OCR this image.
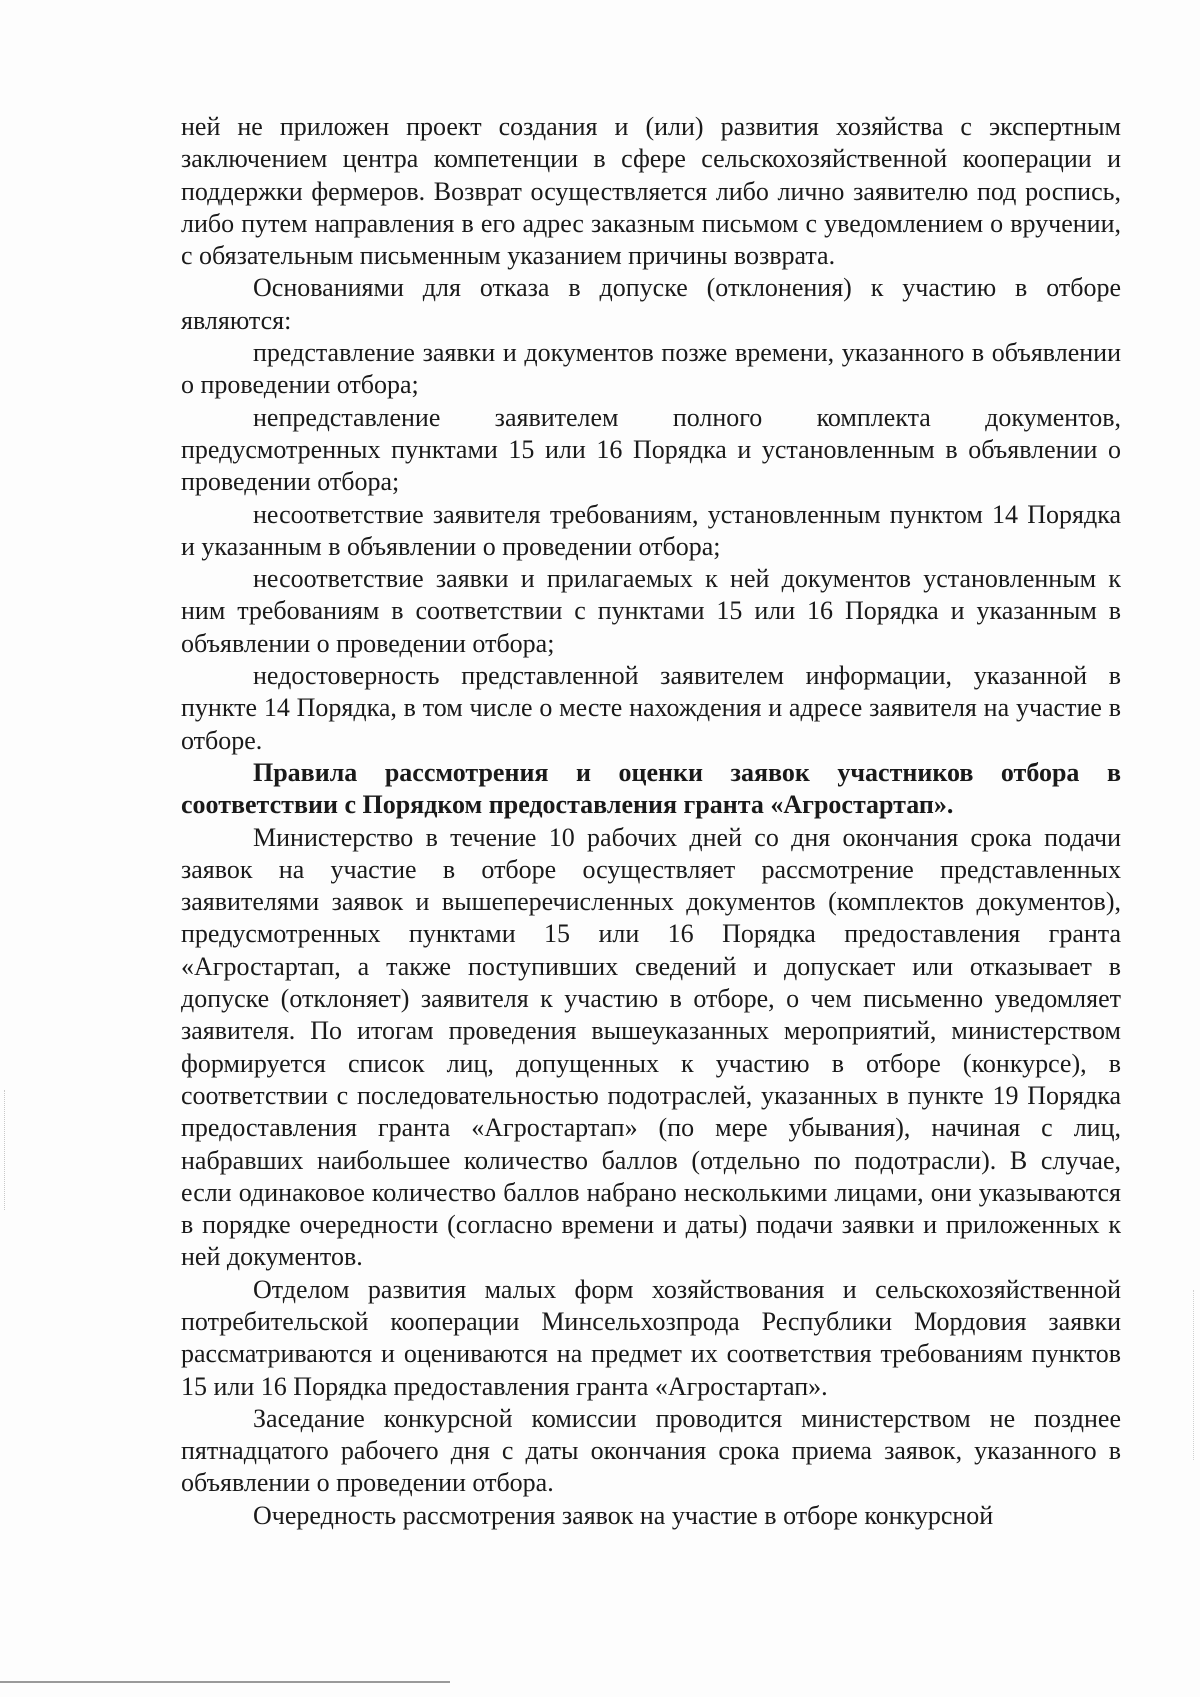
ней не приложен проект создания и (или) развития хозяйства с экспертным заключением центра компетенции в сфере сельскохозяйственной кооперации и поддержки фермеров. Возврат осуществляется либо лично заявителю под роспись, либо путем направления в его адрес заказным письмом с уведомлением о вручении, с обязательным письменным указанием причины возврата.

Основаниями для отказа в допуске (отклонения) к участию в отборе являются:

представление заявки и документов позже времени, указанного в объявлении о проведении отбора;

непредставление заявителем полного комплекта документов, предусмотренных пунктами 15 или 16 Порядка и установленным в объявлении о проведении отбора;

несоответствие заявителя требованиям, установленным пунктом 14 Порядка и указанным в объявлении о проведении отбора;

несоответствие заявки и прилагаемых к ней документов установленным к ним требованиям в соответствии с пунктами 15 или 16 Порядка и указанным в объявлении о проведении отбора;

недостоверность представленной заявителем информации, указанной в пункте 14 Порядка, в том числе о месте нахождения и адресе заявителя на участие в отборе.

Правила рассмотрения и оценки заявок участников отбора в соответствии с Порядком предоставления гранта «Агростартап».

Министерство в течение 10 рабочих дней со дня окончания срока подачи заявок на участие в отборе осуществляет рассмотрение представленных заявителями заявок и вышеперечисленных документов (комплектов документов), предусмотренных пунктами 15 или 16 Порядка предоставления гранта «Агростартап, а также поступивших сведений и допускает или отказывает в допуске (отклоняет) заявителя к участию в отборе, о чем письменно уведомляет заявителя. По итогам проведения вышеуказанных мероприятий, министерством формируется список лиц, допущенных к участию в отборе (конкурсе), в соответствии с последовательностью подотраслей, указанных в пункте 19 Порядка предоставления гранта «Агростартап» (по мере убывания), начиная с лиц, набравших наибольшее количество баллов (отдельно по подотрасли). В случае, если одинаковое количество баллов набрано несколькими лицами, они указываются в порядке очередности (согласно времени и даты) подачи заявки и приложенных к ней документов.

Отделом развития малых форм хозяйствования и сельскохозяйственной потребительской кооперации Минсельхозпрода Республики Мордовия заявки рассматриваются и оцениваются на предмет их соответствия требованиям пунктов 15 или 16 Порядка предоставления гранта «Агростартап».

Заседание конкурсной комиссии проводится министерством не позднее пятнадцатого рабочего дня с даты окончания срока приема заявок, указанного в объявлении о проведении отбора.

Очередность рассмотрения заявок на участие в отборе конкурсной
